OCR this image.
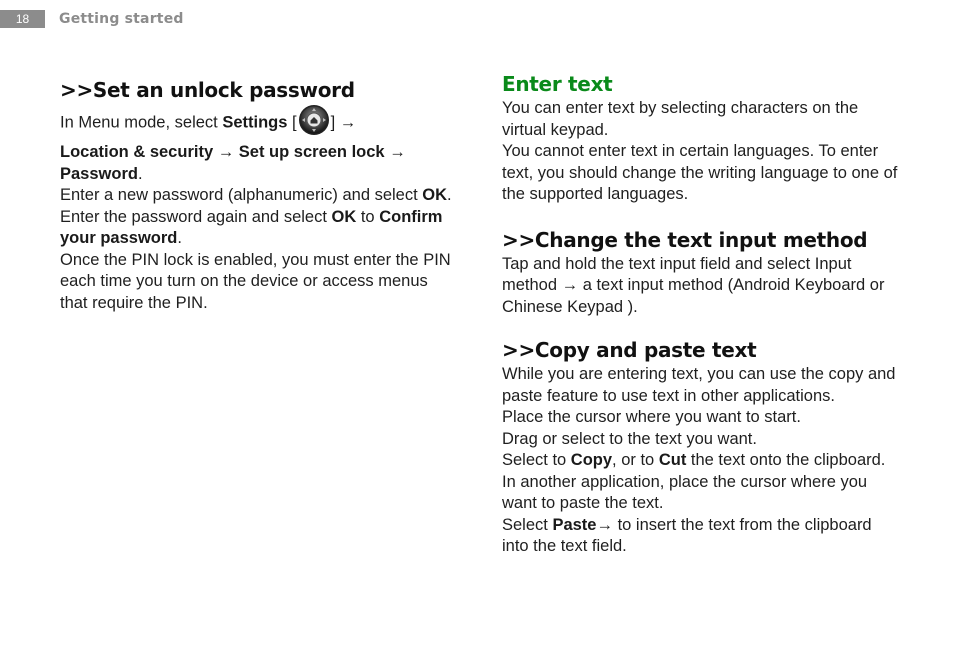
18	Getting started
>>Set an unlock password

In Menu mode, select Settings [ ] →

Location & security → Set up screen lock → Password.

Enter a new password (alphanumeric) and select OK.

Enter the password again and select OK to Confirm your password.

Once the PIN lock is enabled, you must enter the PIN each time you turn on the device or access menus that require the PIN.

Enter text

You can enter text by selecting characters on the virtual keypad.

You cannot enter text in certain languages. To enter text, you should change the writing language to one of the supported languages.

>>Change the text input method

Tap and hold the text input field and select Input method → a text input method (Android Keyboard or Chinese Keypad ).

>>Copy and paste text

While you are entering text, you can use the copy and paste feature to use text in other applications.

Place the cursor where you want to start.

Drag or select to the text you want.

Select to Copy, or to Cut the text onto the clipboard.

In another application, place the cursor where you want to paste the text.

Select Paste→ to insert the text from the clipboard into the text field.
